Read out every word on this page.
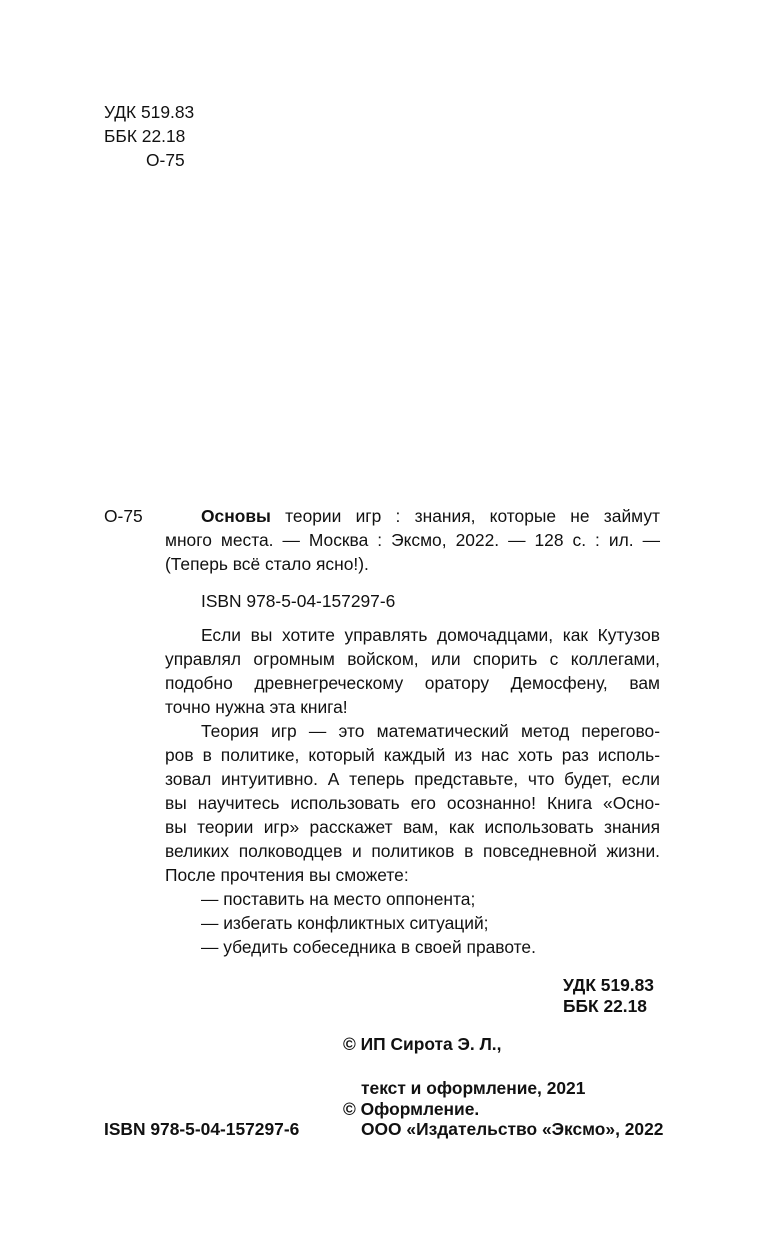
УДК 519.83
ББК 22.18
О-75
О-75	Основы теории игр : знания, которые не займут
много места. — Москва : Эксмо, 2022. — 128 с. : ил. —
(Теперь всё стало ясно!).
ISBN 978-5-04-157297-6
Если вы хотите управлять домочадцами, как Кутузов
управлял огромным войском, или спорить с коллегами,
подобно древнегреческому оратору Демосфену, вам
точно нужна эта книга!
Теория игр — это математический метод перегово-
ров в политике, который каждый из нас хоть раз исполь-
зовал интуитивно. А теперь представьте, что будет, если
вы научитесь использовать его осознанно! Книга «Осно-
вы теории игр» расскажет вам, как использовать знания
великих полководцев и политиков в повседневной жизни.
После прочтения вы сможете:
— поставить на место оппонента;
— избегать конфликтных ситуаций;
— убедить собеседника в своей правоте.
УДК 519.83
ББК 22.18
ISBN 978-5-04-157297-6
© ИП Сирота Э. Л.,
текст и оформление, 2021
© Оформление.
ООО «Издательство «Эксмо», 2022
